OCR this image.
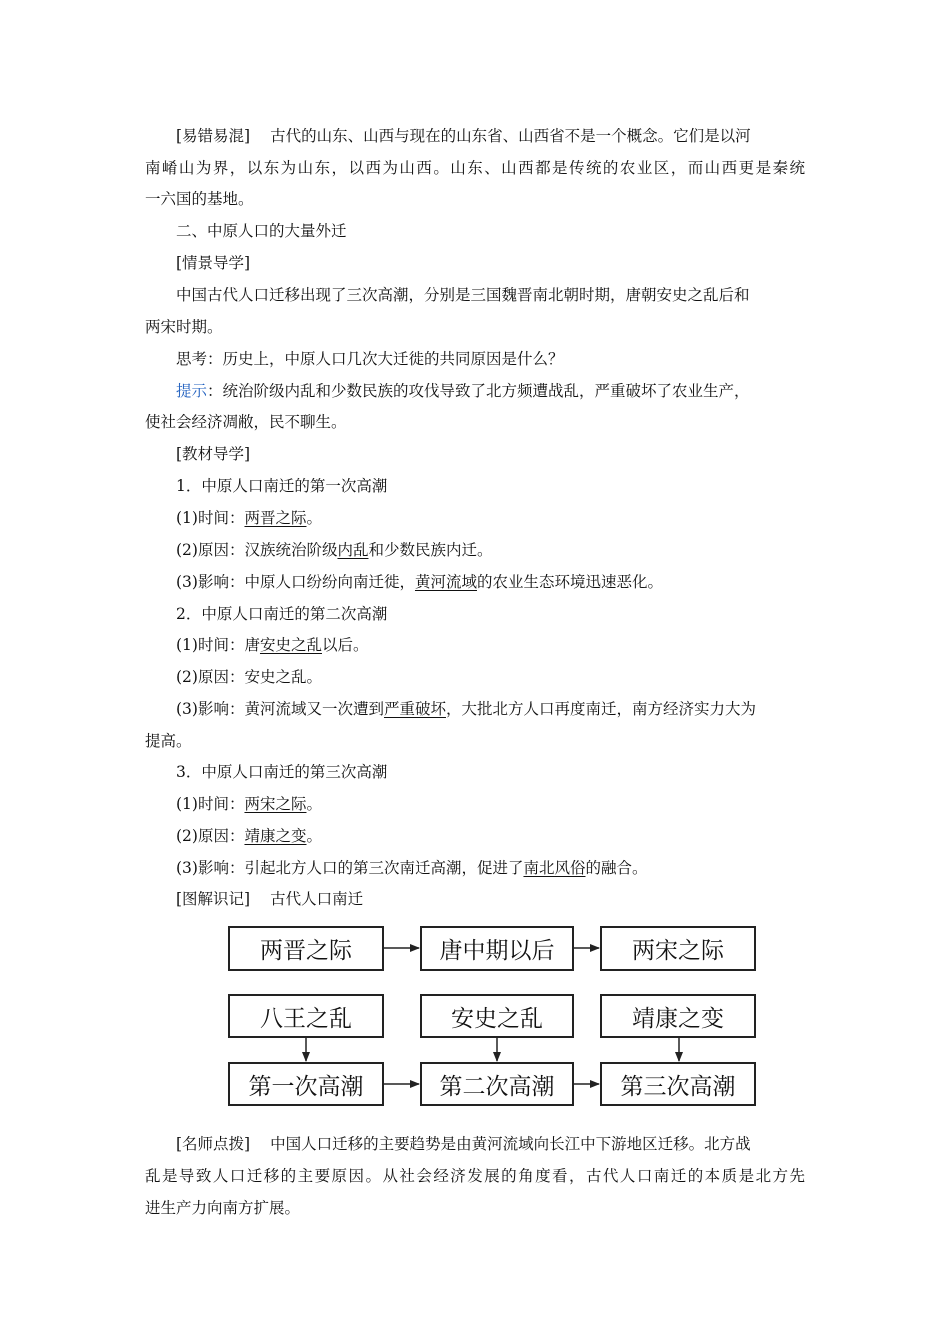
[易错易混] 古代的山东、山西与现在的山东省、山西省不是一个概念。它们是以河
南崤山为界，以东为山东，以西为山西。山东、山西都是传统的农业区，而山西更是秦统
一六国的基地。
二、中原人口的大量外迁
[情景导学]
中国古代人口迁移出现了三次高潮，分别是三国魏晋南北朝时期，唐朝安史之乱后和
两宋时期。
思考：历史上，中原人口几次大迁徙的共同原因是什么？
提示：统治阶级内乱和少数民族的攻伐导致了北方频遭战乱，严重破坏了农业生产，
使社会经济凋敝，民不聊生。
[教材导学]
1．中原人口南迁的第一次高潮
(1)时间：两晋之际。
(2)原因：汉族统治阶级内乱和少数民族内迁。
(3)影响：中原人口纷纷向南迁徙，黄河流域的农业生态环境迅速恶化。
2．中原人口南迁的第二次高潮
(1)时间：唐安史之乱以后。
(2)原因：安史之乱。
(3)影响：黄河流域又一次遭到严重破坏，大批北方人口再度南迁，南方经济实力大为
提高。
3．中原人口南迁的第三次高潮
(1)时间：两宋之际。
(2)原因：靖康之变。
(3)影响：引起北方人口的第三次南迁高潮，促进了南北风俗的融合。
[图解识记] 古代人口南迁
两晋之际	唐中期以后	两宋之际
八王之乱	安史之乱	靖康之变
第一次高潮	第二次高潮	第三次高潮
[名师点拨] 中国人口迁移的主要趋势是由黄河流域向长江中下游地区迁移。北方战
乱是导致人口迁移的主要原因。从社会经济发展的角度看，古代人口南迁的本质是北方先
进生产力向南方扩展。
